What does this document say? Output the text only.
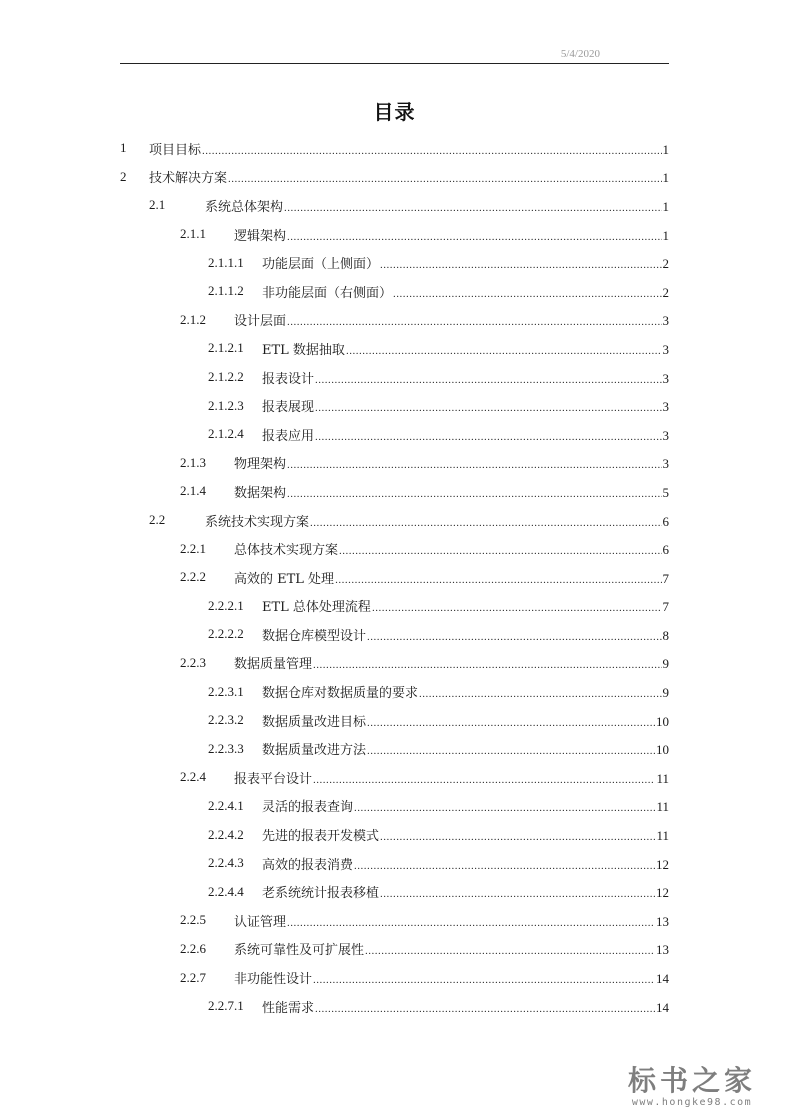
5/4/2020
目录
1 项目目标 .....	1
2 技术解决方案 .....	1
2.1	系统总体架构 .....	1
2.1.1 逻辑架构 .....	1
2.1.1.1 功能层面（上侧面） .....	2
2.1.1.2 非功能层面（右侧面） .....	2
2.1.2 设计层面 .....	3
2.1.2.1 ETL 数据抽取 .....	3
2.1.2.2 报表设计 .....	3
2.1.2.3 报表展现 .....	3
2.1.2.4 报表应用 .....	3
2.1.3 物理架构 .....	3
2.1.4 数据架构 .....	5
2.2	系统技术实现方案 .....	6
2.2.1 总体技术实现方案 .....	6
2.2.2 高效的 ETL 处理 .....	7
2.2.2.1 ETL 总体处理流程 .....	7
2.2.2.2 数据仓库模型设计 .....	8
2.2.3 数据质量管理 .....	9
2.2.3.1 数据仓库对数据质量的要求 .....	9
2.2.3.2 数据质量改进目标 .....	10
2.2.3.3 数据质量改进方法 .....	10
2.2.4 报表平台设计 .....	11
2.2.4.1 灵活的报表查询 .....	11
2.2.4.2 先进的报表开发模式 .....	11
2.2.4.3 高效的报表消费 .....	12
2.2.4.4 老系统统计报表移植 .....	12
2.2.5 认证管理 .....	13
2.2.6 系统可靠性及可扩展性 .....	13
2.2.7 非功能性设计 .....	14
2.2.7.1 性能需求 .....	14
标书之家
www.hongke98.com
